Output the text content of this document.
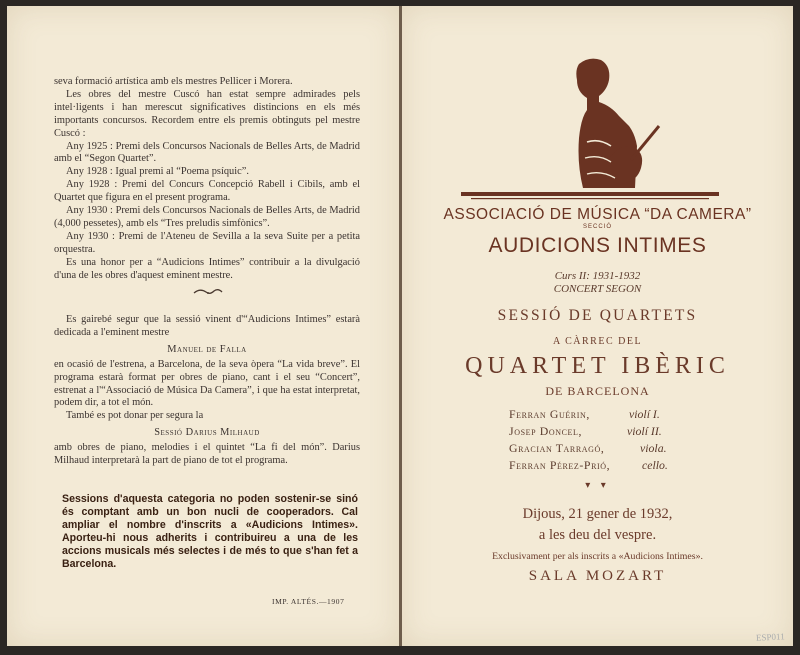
seva formació artística amb els mestres Pellicer i Morera.

Les obres del mestre Cuscó han estat sempre admirades pels intel·ligents i han merescut significatives distincions en els més importants concursos. Recordem entre els premis obtinguts pel mestre Cuscó :

Any 1925 : Premi dels Concursos Nacionals de Belles Arts, de Madrid amb el “Segon Quartet”.

Any 1928 : Igual premi al “Poema psíquic”.

Any 1928 : Premi del Concurs Concepció Rabell i Cibils, amb el Quartet que figura en el present programa.

Any 1930 : Premi dels Concursos Nacionals de Belles Arts, de Madrid (4,000 pessetes), amb els “Tres preludis simfònics”.

Any 1930 : Premi de l'Ateneu de Sevilla a la seva Suite per a petita orquestra.

Es una honor per a “Audicions Intimes” contribuir a la divulgació d'una de les obres d'aquest eminent mestre.

Es gairebé segur que la sessió vinent d'“Audicions Intimes” estarà dedicada a l'eminent mestre

Manuel de Falla

en ocasió de l'estrena, a Barcelona, de la seva òpera “La vida breve”. El programa estarà format per obres de piano, cant i el seu “Concert”, estrenat a l'“Associació de Música Da Camera”, i que ha estat interpretat, podem dir, a tot el món.

També es pot donar per segura la

Sessió Darius Milhaud

amb obres de piano, melodies i el quintet “La fi del món”. Darius Milhaud interpretarà la part de piano de tot el programa.

Sessions d'aquesta categoria no poden sostenir-se sinó és comptant amb un bon nucli de cooperadors. Cal ampliar el nombre d'inscrits a «Audicions Intimes». Aporteu-hi nous adherits i contribuireu a una de les accions musicals més selectes i de més to que s'han fet a Barcelona.
IMP. ALTÉS.—1907
ASSOCIACIÓ DE MÚSICA “DA CAMERA”
SECCIÓ
AUDICIONS INTIMES
Curs II: 1931-1932
CONCERT SEGON
SESSIÓ DE QUARTETS
A CÀRREC DEL
QUARTET IBÈRIC
DE BARCELONA
Ferran Guérin,	violí I.
Josep Doncel,	violí II.
Gracian Tarragó,	viola.
Ferran Pérez-Prió,	cello.
▾ ▾
Dijous, 21 gener de 1932,
a les deu del vespre.
Exclusivament per als inscrits a «Audicions Intimes».
SALA MOZART
ESP011
